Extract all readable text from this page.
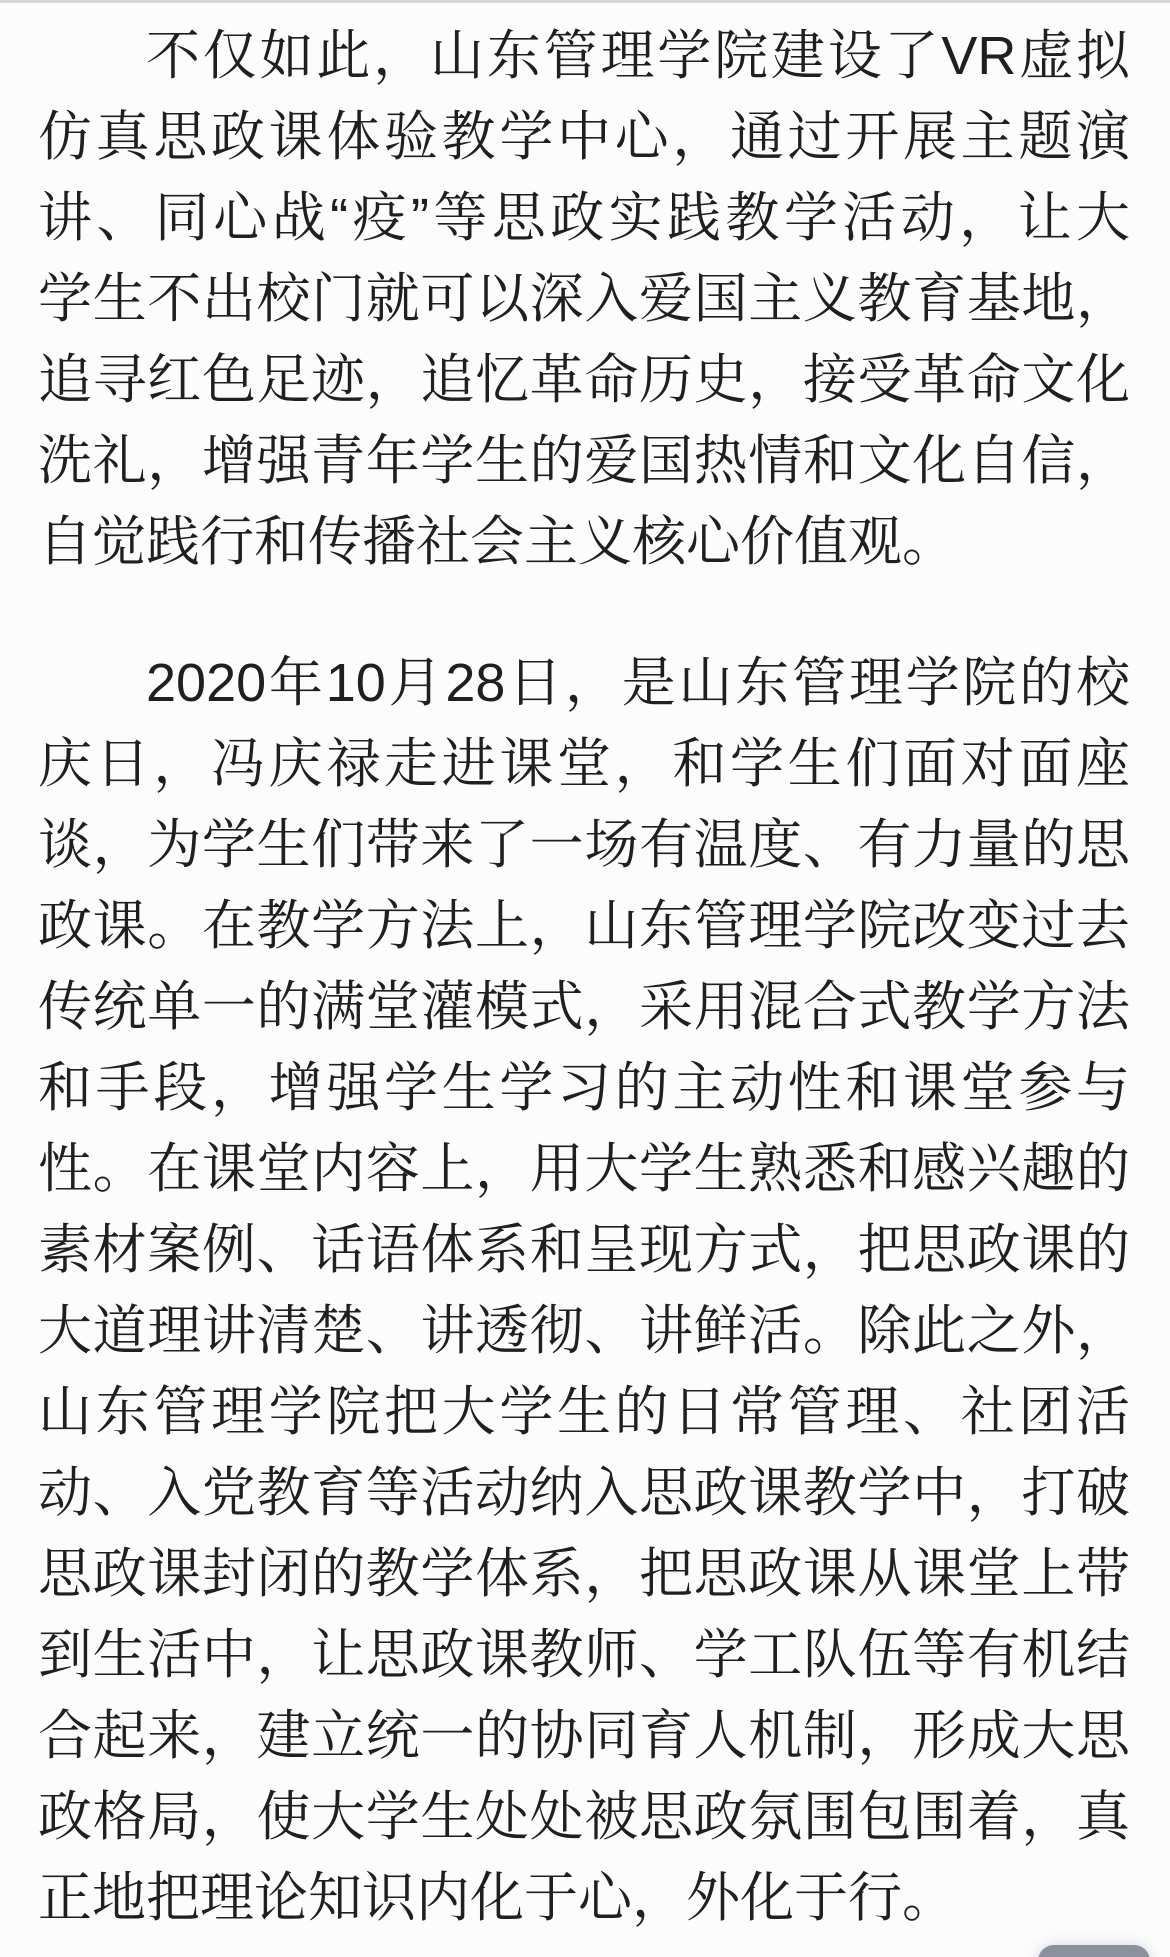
不仅如此，山东管理学院建设了VR虚拟
仿真思政课体验教学中心，通过开展主题演
讲、同心战“疫”等思政实践教学活动，让大
学生不出校门就可以深入爱国主义教育基地，
追寻红色足迹，追忆革命历史，接受革命文化
洗礼，增强青年学生的爱国热情和文化自信，
自觉践行和传播社会主义核心价值观。

2020年10月28日，是山东管理学院的校
庆日，冯庆禄走进课堂，和学生们面对面座
谈，为学生们带来了一场有温度、有力量的思
政课。在教学方法上，山东管理学院改变过去
传统单一的满堂灌模式，采用混合式教学方法
和手段，增强学生学习的主动性和课堂参与
性。在课堂内容上，用大学生熟悉和感兴趣的
素材案例、话语体系和呈现方式，把思政课的
大道理讲清楚、讲透彻、讲鲜活。除此之外，
山东管理学院把大学生的日常管理、社团活
动、入党教育等活动纳入思政课教学中，打破
思政课封闭的教学体系，把思政课从课堂上带
到生活中，让思政课教师、学工队伍等有机结
合起来，建立统一的协同育人机制，形成大思
政格局，使大学生处处被思政氛围包围着，真
正地把理论知识内化于心，外化于行。
